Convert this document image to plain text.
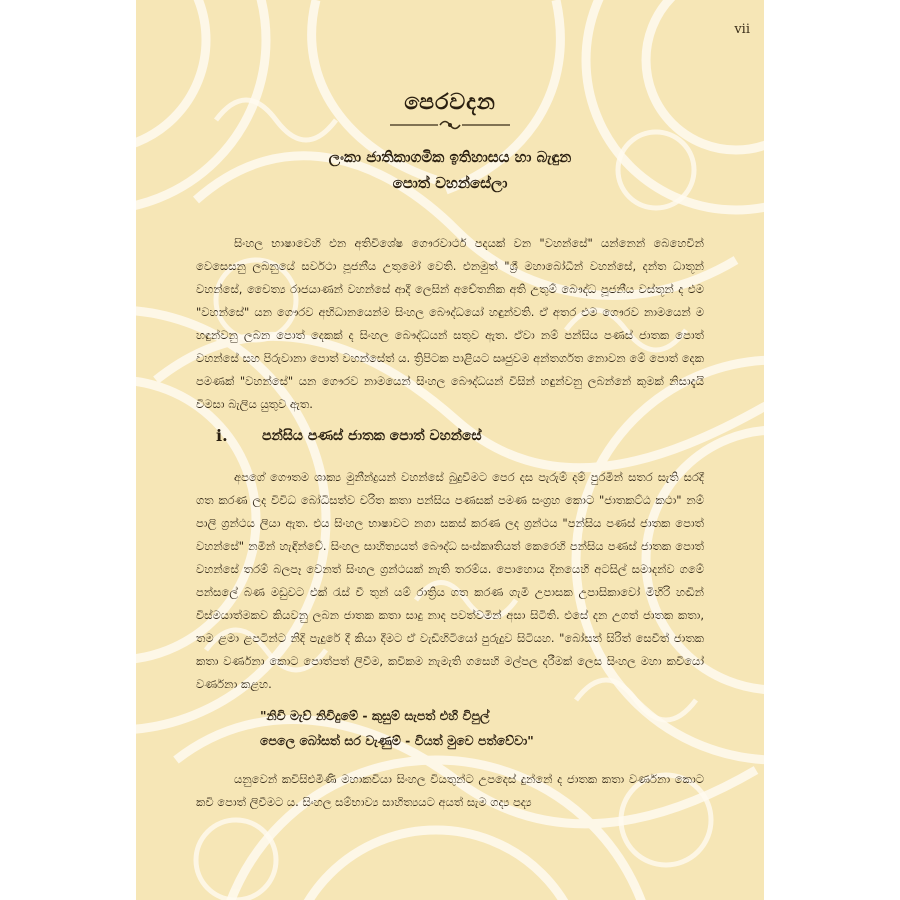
vii
පෙරවදන
ලංකා ජාතිකාගමික ඉතිහාසය හා බැඳුන
පොත් වහන්සේලා

සිංහල භාෂාවෙහි එන අතිවිශේෂ ගෞරවාර්ථ පදයක් වන "වහන්සේ" යන්නෙන් බෙහෙවින් වෙසෙසනු ලබනුයේ සර්වථා පූජනීය උතුමෝ වෙති. එනමුත් "ශ්‍රී මහාබෝධීන් වහන්සේ, දන්ත ධාතූන් වහන්සේ, චෛත්‍ය රාජයාණන් වහන්සේ ආදී ලෙසින් අචේතනික අති උතුම් බෞද්ධ පූජනීය වස්තූන් ද එම "වහන්සේ" යන ගෞරව අභිධානයෙන්ම සිංහල බෞද්ධයෝ හඳුන්වති. ඒ අතර එම ගෞරව නාමයෙන් ම හඳුන්වනු ලබන පොත් දෙකක් ද සිංහල බෞද්ධයන් සතුව ඇත. ඒවා නම් පන්සිය පණස් ජාතක පොත් වහන්සේ සහ පිරුවානා පොත් වහන්සේත් ය. ත්‍රිපිටක පාළියට සෘජුවම අන්තර්ගත නොවන මේ පොත් දෙක පමණක් "වහන්සේ" යන ගෞරව නාමයෙන් සිංහල බෞද්ධයන් විසින් හඳුන්වනු ලබන්නේ කුමක් නිසාදැයි විමසා බැලිය යුතුව ඇත.

i. පන්සිය පණස් ජාතක පොත් වහන්සේ

අපගේ ගෞතම ශාක්‍ය මුනීන්ද්‍රයන් වහන්සේ බුදුවීමට පෙර දස පැරුම් දම් පුරමින් සතර සැති සරදී ගත කරණ ලද විවිධ බෝධිසත්ව චරිත කතා පන්සිය පණසක් පමණ සංග්‍රහ කොට "ජාතකට්ඨ කථා" නම් පාලි ග්‍රන්ථය ලියා ඇත. එය සිංහල භාෂාවට නගා සකස් කරණ ලද ග්‍රන්ථය "පන්සිය පණස් ජාතක පොත් වහන්සේ" නමින් හැඳින්වේ. සිංහල සාහිත්‍යයත් බෞද්ධ සංස්කෘතියත් කෙරෙහි පන්සිය පණස් ජාතක පොත් වහන්සේ තරම් බලපෑ වෙනත් සිංහල ග්‍රන්ථයක් නැති තරම්ය. පොහොය දිනයෙහි අටසිල් සමාදන්ව ගමේ පන්සලේ බණ මඩුවට එක් රැස් වී තුන් යම් රාත්‍රිය ගත කරණ ගැමි උපාසක උපාසිකාවෝ මිහිරි හඬින් විස්මයාත්මකව කියවනු ලබන ජාතක කතා සාදු නාද පවත්වමින් අසා සිටිති. එසේ දන උගත් ජාතක කතා, තම ළමා ළපටින්ට නිදි පැදුරේ දී කියා දීමට ඒ වැඩිහිටියෝ පුරුදුව සිටියහ. "බෝසත් සිරිත් සෙවීත් ජාතක කතා වර්ණනා කොට පොත්පත් ලිවීම, කවිකම නැමැති ගසෙහි මල්පල දරීමක් ලෙස සිංහල මහා කවියෝ වර්ණනා කළහ.

"නිවි මැව් නිවිදුමේ - කුසුම් සැපත් එහි විපුල්
පෙලෙ බෝසත් සර වැණුම් - වියත් මුවෙ පත්වේවා"

යනුවෙන් කවිසිළුමිණි මහාකවියා සිංහල වියතුන්ට උපදෙස් දුන්නේ ද ජාතක කතා වර්ණනා කොට කවි පොත් ලිවීමට ය. සිංහල සම්භාව්‍ය සාහිත්‍යයට අයත් සැම ගද්‍ය පද්‍ය
